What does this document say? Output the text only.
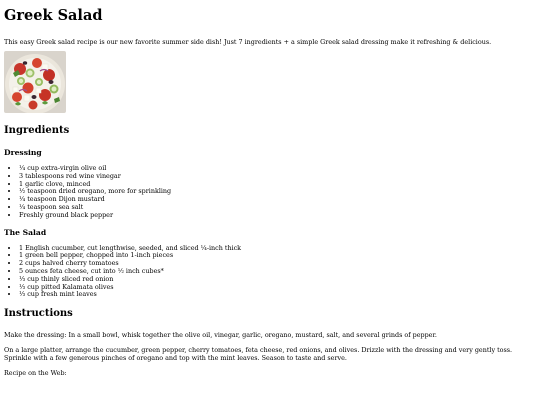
Greek Salad

This easy Greek salad recipe is our new favorite summer side dish! Just 7 ingredients + a simple Greek salad dressing make it refreshing & delicious.

Ingredients
Dressing
• ¼ cup extra-virgin olive oil
• 3 tablespoons red wine vinegar
• 1 garlic clove, minced
• ½ teaspoon dried oregano, more for sprinkling
• ¼ teaspoon Dijon mustard
• ¼ teaspoon sea salt
• Freshly ground black pepper
The Salad
• 1 English cucumber, cut lengthwise, seeded, and sliced ¼-inch thick
• 1 green bell pepper, chopped into 1-inch pieces
• 2 cups halved cherry tomatoes
• 5 ounces feta cheese, cut into ½ inch cubes*
• ⅓ cup thinly sliced red onion
• ⅓ cup pitted Kalamata olives
• ⅓ cup fresh mint leaves
Instructions

Make the dressing: In a small bowl, whisk together the olive oil, vinegar, garlic, oregano, mustard, salt, and several grinds of pepper.

On a large platter, arrange the cucumber, green pepper, cherry tomatoes, feta cheese, red onions, and olives. Drizzle with the dressing and very gently toss. Sprinkle with a few generous pinches of oregano and top with the mint leaves. Season to taste and serve.

Recipe on the Web:
